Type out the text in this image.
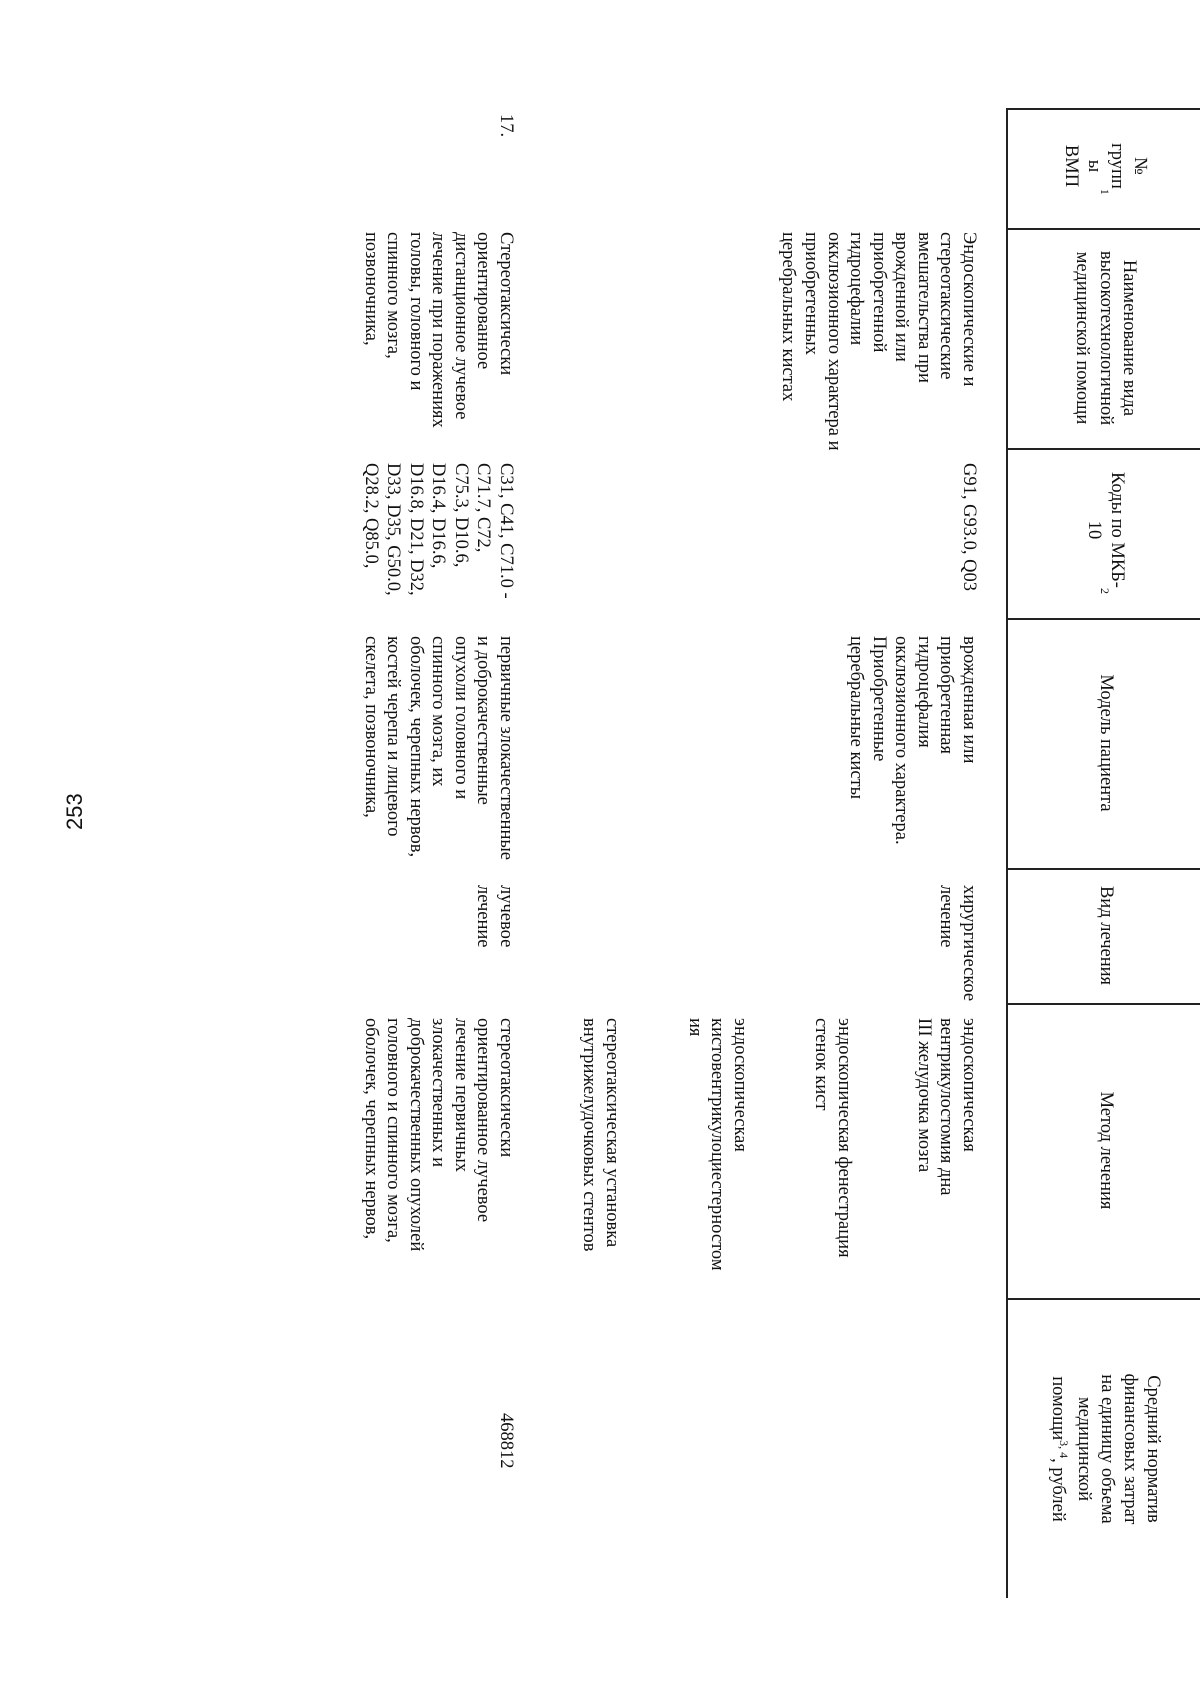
253
№
групп
ы
ВМП
1
Наименование вида
высокотехнологичной
медицинской помощи
Коды по МКБ-
10
2
Модель пациента
Вид лечения
Метод лечения
Средний норматив
финансовых затрат
на единицу объема
медицинской
помощи$^{3, 4}$, рублей
Эндоскопические и
стереотаксические
вмешательства при
врожденной или
приобретенной
гидроцефалии
окклюзионного характера и
приобретенных
церебральных кистах
G91, G93.0, Q03
врожденная или
приобретенная
гидроцефалия
окклюзионного характера.
Приобретенные
церебральные кисты
хирургическое
лечение
эндоскопическая
вентрикулостомия дна
III желудочка мозга
эндоскопическая фенестрация
стенок кист
эндоскопическая
кистовентрикулоциестерностом
ия
стереотаксическая установка
внутрижелудочковых стентов
17.
Стереотаксически
ориентированное
дистанционное лучевое
лечение при поражениях
головы, головного и
спинного мозга,
позвоночника,
C31, C41, C71.0 -
C71.7, C72,
C75.3, D10.6,
D16.4, D16.6,
D16.8, D21, D32,
D33, D35, G50.0,
Q28.2, Q85.0,
первичные злокачественные
и доброкачественные
опухоли головного и
спинного мозга, их
оболочек, черепных нервов,
костей черепа и лицевого
скелета, позвоночника,
лучевое
лечение
стереотаксически
ориентированное лучевое
лечение первичных
злокачественных и
доброкачественных опухолей
головного и спинного мозга,
оболочек, черепных нервов,
468812
